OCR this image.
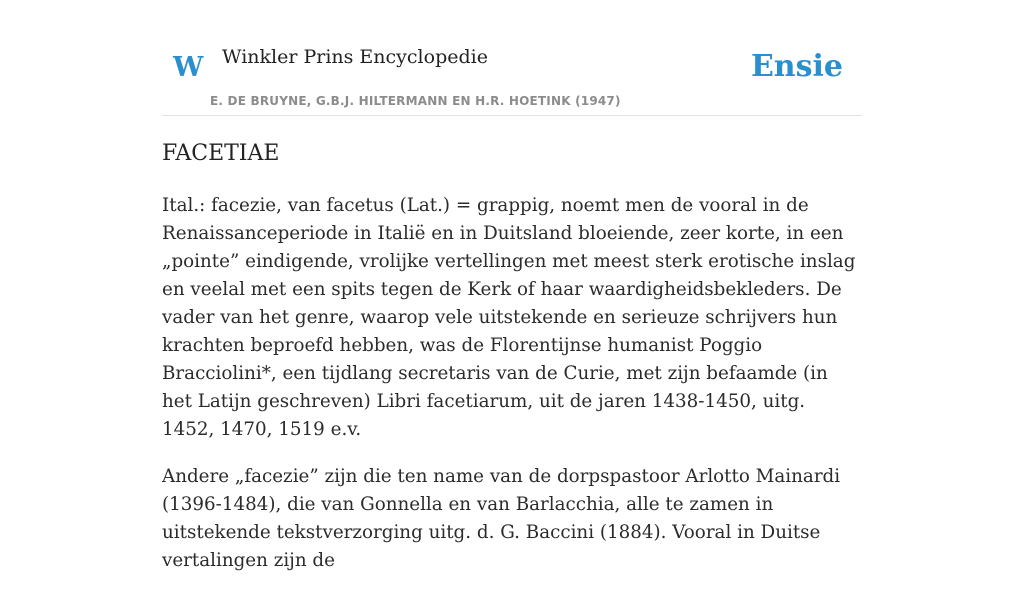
W Winkler Prins Encyclopedie
E. DE BRUYNE, G.B.J. HILTERMANN EN H.R. HOETINK (1947)
Ensie
FACETIAE

Ital.: facezie, van facetus (Lat.) = grappig, noemt men de vooral in de Renaissanceperiode in Italië en in Duitsland bloeiende, zeer korte, in een „pointe” eindigende, vrolijke vertellingen met meest sterk erotische inslag en veelal met een spits tegen de Kerk of haar waardigheidsbekleders. De vader van het genre, waarop vele uitstekende en serieuze schrijvers hun krachten beproefd hebben, was de Florentijnse humanist Poggio Bracciolini*, een tijdlang secretaris van de Curie, met zijn befaamde (in het Latijn geschreven) Libri facetiarum, uit de jaren 1438-1450, uitg. 1452, 1470, 1519 e.v.

Andere „facezie” zijn die ten name van de dorpspastoor Arlotto Mainardi (1396-1484), die van Gonnella en van Barlacchia, alle te zamen in uitstekende tekstverzorging uitg. d. G. Baccini (1884). Vooral in Duitse vertalingen zijn de
